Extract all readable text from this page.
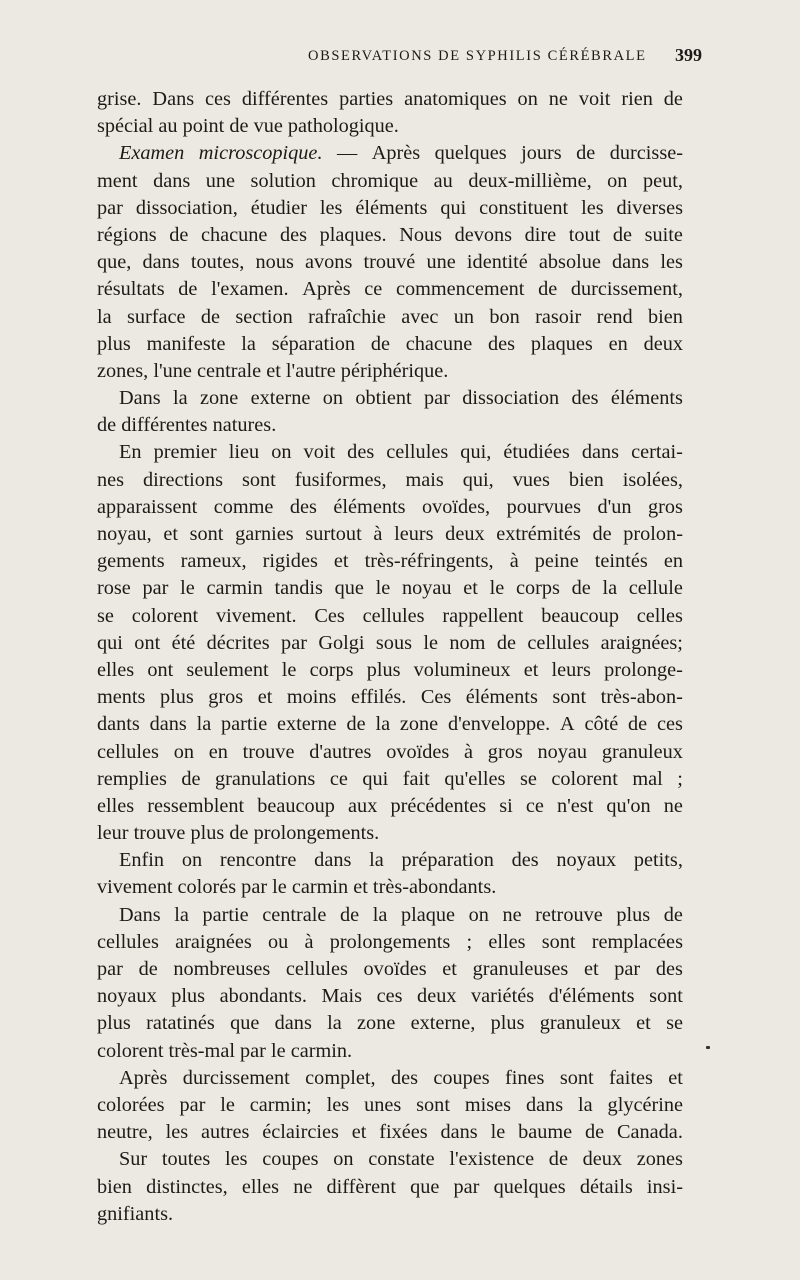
OBSERVATIONS DE SYPHILIS CÉRÉBRALE 399
grise. Dans ces différentes parties anatomiques on ne voit rien de
spécial au point de vue pathologique.
Examen microscopique. — Après quelques jours de durcisse-
ment dans une solution chromique au deux-millième, on peut,
par dissociation, étudier les éléments qui constituent les diverses
régions de chacune des plaques. Nous devons dire tout de suite
que, dans toutes, nous avons trouvé une identité absolue dans les
résultats de l'examen. Après ce commencement de durcissement,
la surface de section rafraîchie avec un bon rasoir rend bien
plus manifeste la séparation de chacune des plaques en deux
zones, l'une centrale et l'autre périphérique.
Dans la zone externe on obtient par dissociation des éléments
de différentes natures.
En premier lieu on voit des cellules qui, étudiées dans certai-
nes directions sont fusiformes, mais qui, vues bien isolées,
apparaissent comme des éléments ovoïdes, pourvues d'un gros
noyau, et sont garnies surtout à leurs deux extrémités de prolon-
gements rameux, rigides et très-réfringents, à peine teintés en
rose par le carmin tandis que le noyau et le corps de la cellule
se colorent vivement. Ces cellules rappellent beaucoup celles
qui ont été décrites par Golgi sous le nom de cellules araignées;
elles ont seulement le corps plus volumineux et leurs prolonge-
ments plus gros et moins effilés. Ces éléments sont très-abon-
dants dans la partie externe de la zone d'enveloppe. A côté de ces
cellules on en trouve d'autres ovoïdes à gros noyau granuleux
remplies de granulations ce qui fait qu'elles se colorent mal ;
elles ressemblent beaucoup aux précédentes si ce n'est qu'on ne
leur trouve plus de prolongements.
Enfin on rencontre dans la préparation des noyaux petits,
vivement colorés par le carmin et très-abondants.
Dans la partie centrale de la plaque on ne retrouve plus de
cellules araignées ou à prolongements ; elles sont remplacées
par de nombreuses cellules ovoïdes et granuleuses et par des
noyaux plus abondants. Mais ces deux variétés d'éléments sont
plus ratatinés que dans la zone externe, plus granuleux et se
colorent très-mal par le carmin.
Après durcissement complet, des coupes fines sont faites et
colorées par le carmin; les unes sont mises dans la glycérine
neutre, les autres éclaircies et fixées dans le baume de Canada.
Sur toutes les coupes on constate l'existence de deux zones
bien distinctes, elles ne diffèrent que par quelques détails insi-
gnifiants.
